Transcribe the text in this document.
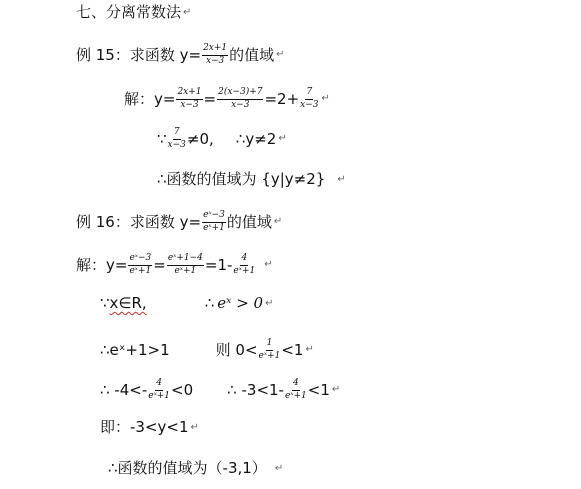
七、分离常数法 ↵
例 15：求函数 $y= \frac{2x+1}{x-3}$ 的值域 ↵
解：$y= \frac{2x+1}{x-3} = \frac{2(x-3)+7}{x-3} =2+ \frac{7}{x-3}$ ↵
∵ $\frac{7}{x-3} \ne 0$, ∴y≠2 ↵
∴函数的值域为 {y|y≠2} ↵
例 16：求函数 $y= \frac{\text{eˣ−3}}{\text{eˣ+1}}$ 的值域 ↵
解：$y= \frac{\text{eˣ−3}}{\text{eˣ+1}} = \frac{\text{eˣ+1−4}}{\text{eˣ+1}} =1- \frac{4}{\text{eˣ+1}}$ ↵
∵ x∈R,	∴ eˣ > 0 ↵
∴eˣ+1>1	则 $0< \frac{1}{\text{eˣ+1}} <1$ ↵
∴ $-4<- \frac{4}{\text{eˣ+1}} <0$ ∴ $-3<1- \frac{4}{\text{eˣ+1}} <1$ ↵
即：-3<y<1 ↵
∴函数的值域为（-3,1） ↵
